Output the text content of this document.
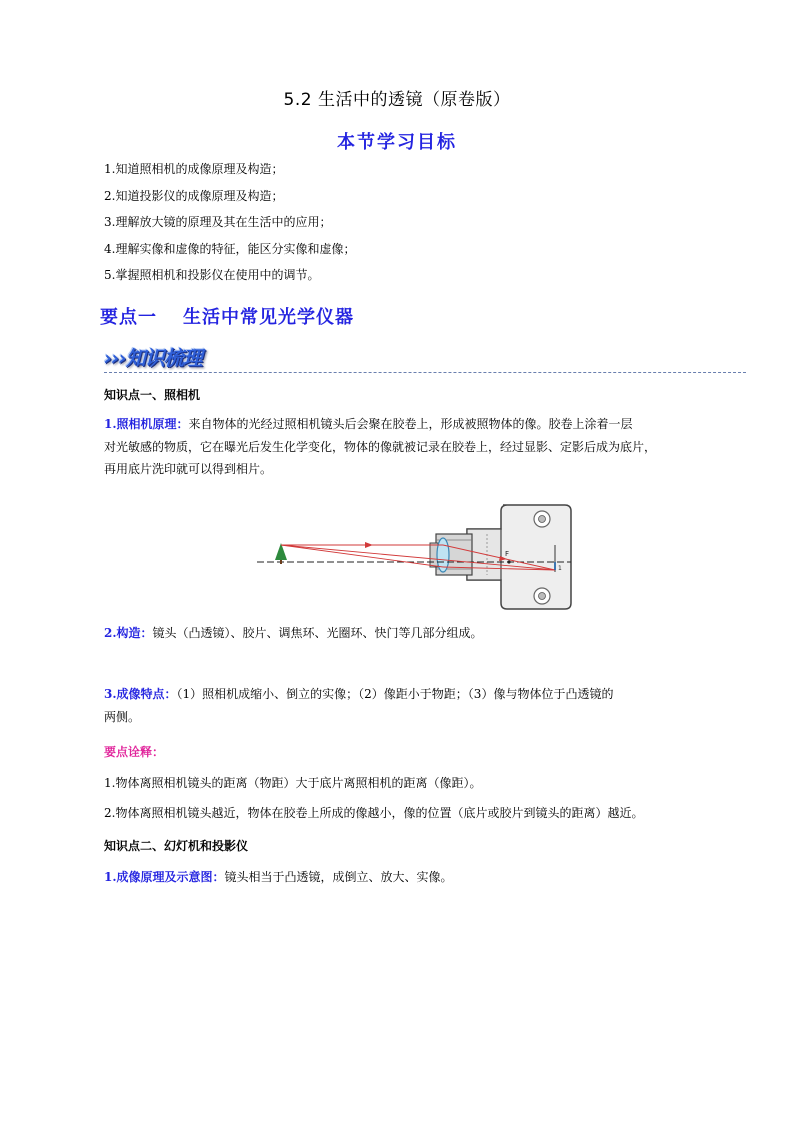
5.2 生活中的透镜（原卷版）
本节学习目标
1.知道照相机的成像原理及构造；
2.知道投影仪的成像原理及构造；
3.理解放大镜的原理及其在生活中的应用；
4.理解实像和虚像的特征，能区分实像和虚像；
5.掌握照相机和投影仪在使用中的调节。
要点一 生活中常见光学仪器
›››知识梳理
知识点一、照相机
1.照相机原理：来自物体的光经过照相机镜头后会聚在胶卷上，形成被照物体的像。胶卷上涂着一层
对光敏感的物质，它在曝光后发生化学变化，物体的像就被记录在胶卷上，经过显影、定影后成为底片，
再用底片洗印就可以得到相片。
F
1
2.构造：镜头（凸透镜）、胶片、调焦环、光圈环、快门等几部分组成。
3.成像特点：（1）照相机成缩小、倒立的实像；（2）像距小于物距；（3）像与物体位于凸透镜的
两侧。
要点诠释：
1.物体离照相机镜头的距离（物距）大于底片离照相机的距离（像距）。
2.物体离照相机镜头越近，物体在胶卷上所成的像越小，像的位置（底片或胶片到镜头的距离）越近。
知识点二、幻灯机和投影仪
1.成像原理及示意图：镜头相当于凸透镜，成倒立、放大、实像。
